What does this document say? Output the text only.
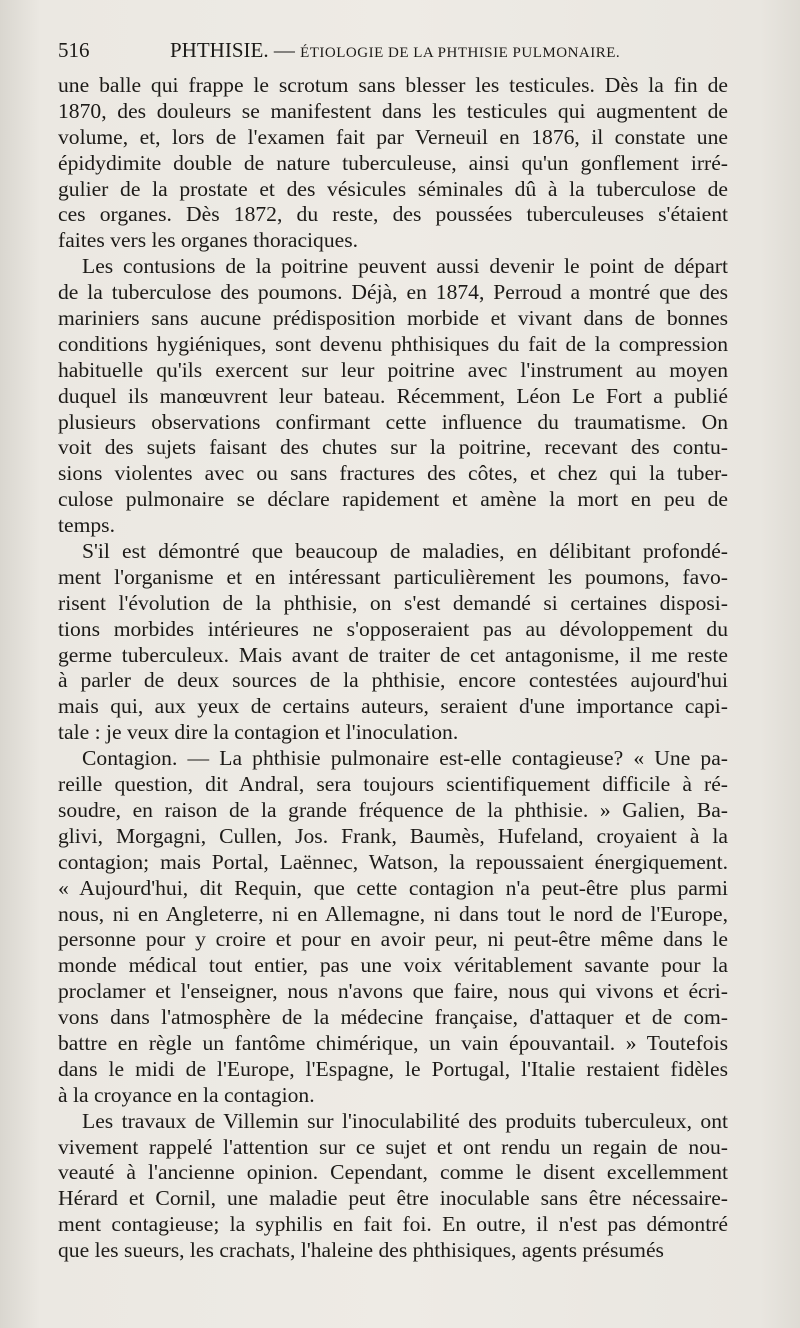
516	PHTHISIE. — ÉTIOLOGIE DE LA PHTHISIE PULMONAIRE.
une balle qui frappe le scrotum sans blesser les testicules. Dès la fin de
1870, des douleurs se manifestent dans les testicules qui augmentent de
volume, et, lors de l'examen fait par Verneuil en 1876, il constate une
épidydimite double de nature tuberculeuse, ainsi qu'un gonflement irré-
gulier de la prostate et des vésicules séminales dû à la tuberculose de
ces organes. Dès 1872, du reste, des poussées tuberculeuses s'étaient
faites vers les organes thoraciques.
Les contusions de la poitrine peuvent aussi devenir le point de départ
de la tuberculose des poumons. Déjà, en 1874, Perroud a montré que des
mariniers sans aucune prédisposition morbide et vivant dans de bonnes
conditions hygiéniques, sont devenu phthisiques du fait de la compression
habituelle qu'ils exercent sur leur poitrine avec l'instrument au moyen
duquel ils manœuvrent leur bateau. Récemment, Léon Le Fort a publié
plusieurs observations confirmant cette influence du traumatisme. On
voit des sujets faisant des chutes sur la poitrine, recevant des contu-
sions violentes avec ou sans fractures des côtes, et chez qui la tuber-
culose pulmonaire se déclare rapidement et amène la mort en peu de
temps.
S'il est démontré que beaucoup de maladies, en délibitant profondé-
ment l'organisme et en intéressant particulièrement les poumons, favo-
risent l'évolution de la phthisie, on s'est demandé si certaines disposi-
tions morbides intérieures ne s'opposeraient pas au dévoloppement du
germe tuberculeux. Mais avant de traiter de cet antagonisme, il me reste
à parler de deux sources de la phthisie, encore contestées aujourd'hui
mais qui, aux yeux de certains auteurs, seraient d'une importance capi-
tale : je veux dire la contagion et l'inoculation.
Contagion. — La phthisie pulmonaire est-elle contagieuse? « Une pa-
reille question, dit Andral, sera toujours scientifiquement difficile à ré-
soudre, en raison de la grande fréquence de la phthisie. » Galien, Ba-
glivi, Morgagni, Cullen, Jos. Frank, Baumès, Hufeland, croyaient à la
contagion; mais Portal, Laënnec, Watson, la repoussaient énergiquement.
« Aujourd'hui, dit Requin, que cette contagion n'a peut-être plus parmi
nous, ni en Angleterre, ni en Allemagne, ni dans tout le nord de l'Europe,
personne pour y croire et pour en avoir peur, ni peut-être même dans le
monde médical tout entier, pas une voix véritablement savante pour la
proclamer et l'enseigner, nous n'avons que faire, nous qui vivons et écri-
vons dans l'atmosphère de la médecine française, d'attaquer et de com-
battre en règle un fantôme chimérique, un vain épouvantail. » Toutefois
dans le midi de l'Europe, l'Espagne, le Portugal, l'Italie restaient fidèles
à la croyance en la contagion.
Les travaux de Villemin sur l'inoculabilité des produits tuberculeux, ont
vivement rappelé l'attention sur ce sujet et ont rendu un regain de nou-
veauté à l'ancienne opinion. Cependant, comme le disent excellemment
Hérard et Cornil, une maladie peut être inoculable sans être nécessaire-
ment contagieuse; la syphilis en fait foi. En outre, il n'est pas démontré
que les sueurs, les crachats, l'haleine des phthisiques, agents présumés
